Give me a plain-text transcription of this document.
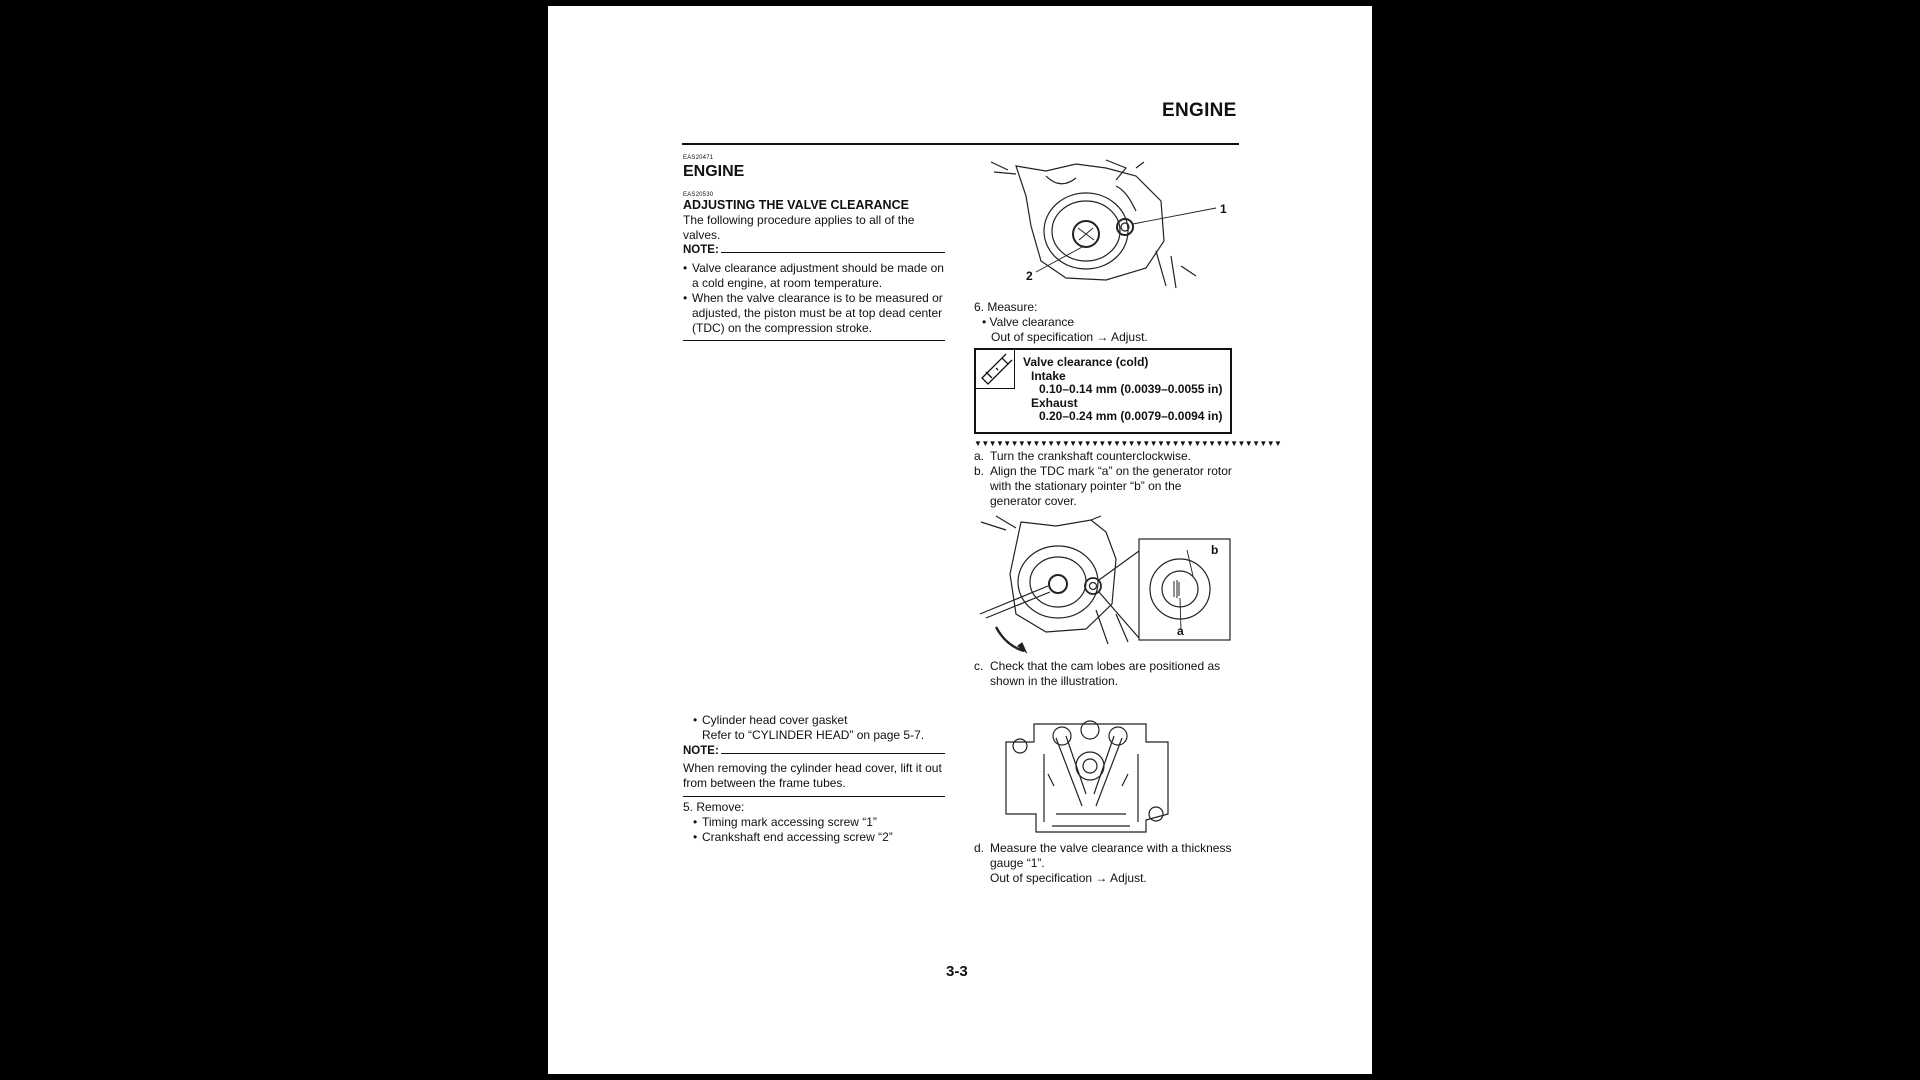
ENGINE
EAS20471
ENGINE
EAS20530
ADJUSTING THE VALVE CLEARANCE
The following procedure applies to all of the valves.
NOTE:
• Valve clearance adjustment should be made on a cold engine, at room temperature.
• When the valve clearance is to be measured or adjusted, the piston must be at top dead center (TDC) on the compression stroke.
• Cylinder head cover gasket
Refer to “CYLINDER HEAD” on page 5-7.
NOTE:
When removing the cylinder head cover, lift it out from between the frame tubes.
5. Remove:
• Timing mark accessing screw “1”
• Crankshaft end accessing screw “2”
1
2
6. Measure:
• Valve clearance
Out of specification → Adjust.
Valve clearance (cold)
Intake
0.10–0.14 mm (0.0039–0.0055 in)
Exhaust
0.20–0.24 mm (0.0079–0.0094 in)
▼▼▼▼▼▼▼▼▼▼▼▼▼▼▼▼▼▼▼▼▼▼▼▼▼▼▼▼▼▼▼▼▼▼▼▼▼▼▼▼▼▼
a. Turn the crankshaft counterclockwise.
b. Align the TDC mark “a” on the generator rotor with the stationary pointer “b” on the generator cover.
b
a
c. Check that the cam lobes are positioned as shown in the illustration.
d. Measure the valve clearance with a thickness gauge “1”.
Out of specification → Adjust.
3-3
